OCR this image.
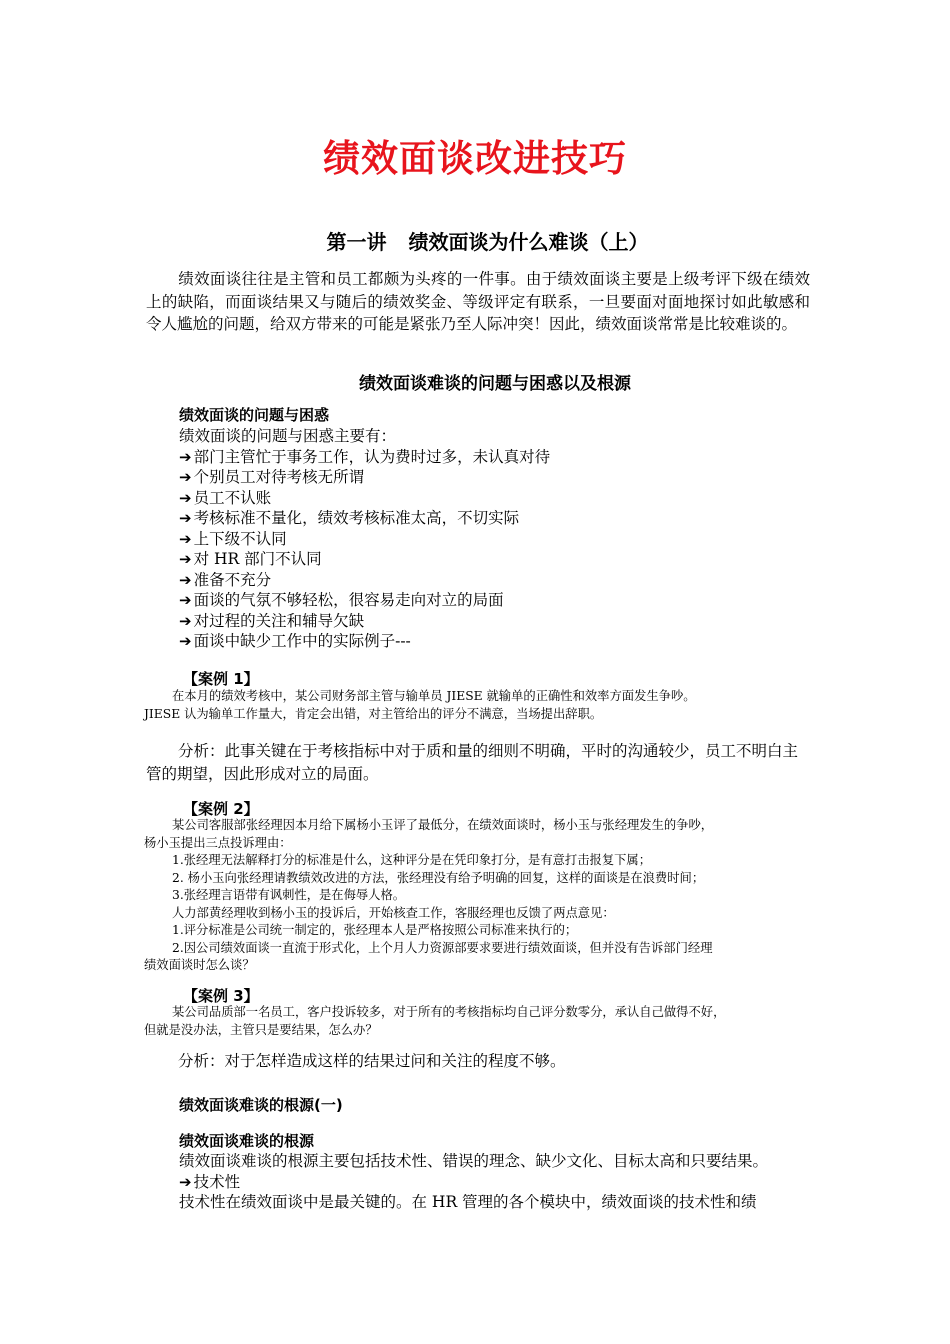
绩效面谈改进技巧
第一讲 绩效面谈为什么难谈（上）
绩效面谈往往是主管和员工都颇为头疼的一件事。由于绩效面谈主要是上级考评下级在绩效上的缺陷，而面谈结果又与随后的绩效奖金、等级评定有联系，一旦要面对面地探讨如此敏感和令人尴尬的问题，给双方带来的可能是紧张乃至人际冲突！因此，绩效面谈常常是比较难谈的。
绩效面谈难谈的问题与困惑以及根源
绩效面谈的问题与困惑
绩效面谈的问题与困惑主要有：
➔ 部门主管忙于事务工作，认为费时过多，未认真对待
➔ 个别员工对待考核无所谓
➔ 员工不认账
➔ 考核标准不量化，绩效考核标准太高，不切实际
➔ 上下级不认同
➔ 对 HR 部门不认同
➔ 准备不充分
➔ 面谈的气氛不够轻松，很容易走向对立的局面
➔ 对过程的关注和辅导欠缺
➔ 面谈中缺少工作中的实际例子---
【案例 1】
在本月的绩效考核中，某公司财务部主管与输单员 JIESE 就输单的正确性和效率方面发生争吵。
JIESE 认为输单工作量大，肯定会出错，对主管给出的评分不满意，当场提出辞职。
分析：此事关键在于考核指标中对于质和量的细则不明确，平时的沟通较少，员工不明白主管的期望，因此形成对立的局面。
【案例 2】
某公司客服部张经理因本月给下属杨小玉评了最低分，在绩效面谈时，杨小玉与张经理发生的争吵，
杨小玉提出三点投诉理由：
1.张经理无法解释打分的标准是什么，这种评分是在凭印象打分，是有意打击报复下属；
2. 杨小玉向张经理请教绩效改进的方法，张经理没有给予明确的回复，这样的面谈是在浪费时间；
3.张经理言语带有讽刺性，是在侮辱人格。
人力部黄经理收到杨小玉的投诉后，开始核查工作，客服经理也反馈了两点意见：
1.评分标准是公司统一制定的，张经理本人是严格按照公司标准来执行的；
2.因公司绩效面谈一直流于形式化，上个月人力资源部要求要进行绩效面谈，但并没有告诉部门经理
绩效面谈时怎么谈？
【案例 3】
某公司品质部一名员工，客户投诉较多，对于所有的考核指标均自己评分数零分，承认自己做得不好，
但就是没办法，主管只是要结果，怎么办？
分析：对于怎样造成这样的结果过问和关注的程度不够。
绩效面谈难谈的根源(一)
绩效面谈难谈的根源
绩效面谈难谈的根源主要包括技术性、错误的理念、缺少文化、目标太高和只要结果。
➔ 技术性
技术性在绩效面谈中是最关键的。在 HR 管理的各个模块中，绩效面谈的技术性和绩
